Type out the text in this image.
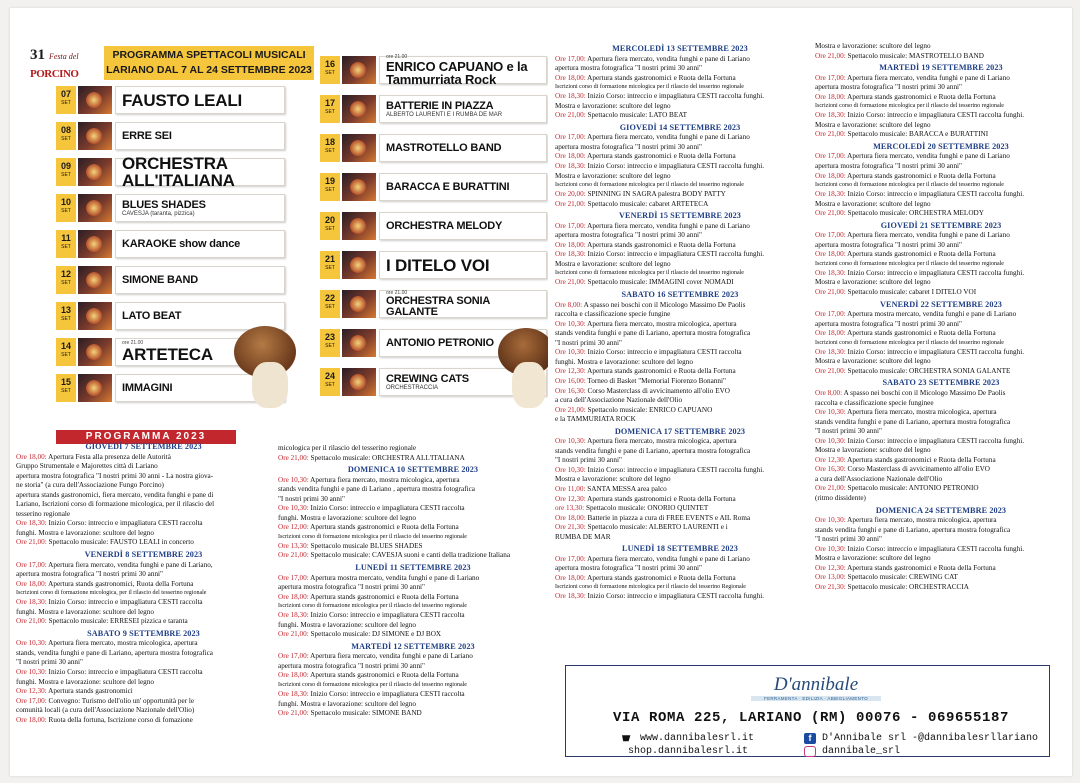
31 Festa del
PORCINO
PROGRAMMA SPETTACOLI MUSICALI
LARIANO DAL 7 AL 24 SETTEMBRE 2023
07
SET	FAUSTO LEALI
08
SET	ERRE SEI
09
SET
ORCHESTRA ALL'ITALIANA
10
SET
BLUES SHADES
CAVESJA (taranta, pizzica)
11
SET	KARAOKE show dance
12
SET	SIMONE BAND
13
SET	LATO BEAT
14
SET
ore 21.00
ARTETECA
15
SET	IMMAGINI
16
SET
ore 21.00
ENRICO CAPUANO e la Tammurriata Rock
17
SET
BATTERIE IN PIAZZA
ALBERTO LAURENTI E I RUMBA DE MAR
18
SET	MASTROTELLO BAND
19
SET	BARACCA E BURATTINI
20
SET	ORCHESTRA MELODY
21
SET	I DITELO VOI
22
SET
ore 21.00
ORCHESTRA SONIA GALANTE
23
SET	ANTONIO PETRONIO
24
SET
CREWING CATS
ORCHESTRACCIA
PROGRAMMA 2023
GIOVEDÌ 7 SETTEMBRE 2023

Ore 18,00: Apertura Festa alla presenza delle Autorità

Gruppo Strumentale e Majorettes città di Lariano

apertura mostra fotografica "I nostri primi 30 anni - La nostra giova-

ne storia" (a cura dell'Associazione Fungo Porcino)

apertura stands gastronomici, fiera mercato, vendita funghi e pane di

Lariano, Iscrizioni corso di formazione micologica, per il rilascio del

tesserino regionale

Ore 18,30: Inizio Corso: intreccio e impagliatura CESTI raccolta

funghi. Mostra e lavorazione: scultore del legno

Ore 21,00: Spettacolo musicale: FAUSTO LEALI in concerto

VENERDÌ 8 SETTEMBRE 2023

Ore 17,00: Apertura fiera mercato, vendita funghi e pane di Lariano,

apertura mostra fotografica "I nostri primi 30 anni"

Ore 18,00: Apertura stands gastronomici, Ruota della Fortuna

Iscrizioni corso di formazione micologica, per il rilascio del tesserino regionale

Ore 18,30: Inizio Corso: intreccio e impagliatura CESTI raccolta

funghi. Mostra e lavorazione: scultore del legno

Ore 21,00: Spettacolo musicale: ERRESEI pizzica e taranta

SABATO 9 SETTEMBRE 2023

Ore 10,30: Apertura fiera mercato, mostra micologica, apertura

stands, vendita funghi e pane di Lariano, apertura mostra fotografica

"I nostri primi 30 anni"

Ore 10,30: Inizio Corso: intreccio e impagliatura CESTI raccolta

funghi. Mostra e lavorazione: scultore del legno

Ore 12,30: Apertura stands gastronomici

Ore 17,00: Convegno: Turismo dell'olio un' opportunità per le

comunità locali (a cura dell'Associazione Nazionale dell'Olio)

Ore 18,00: Ruota della fortuna, Iscrizione corso di fomazione

micologica per il rilascio del tesserino regionale

Ore 21,00: Spettacolo musicale: ORCHESTRA ALL'ITALIANA

DOMENICA 10 SETTEMBRE 2023

Ore 10,30: Apertura fiera mercato, mostra micologica, apertura

stands vendita funghi e pane di Lariano , apertura mostra fotografica

"I nostri primi 30 anni"

Ore 10,30: Inizio Corso: intreccio e impagliatura CESTI raccolta

funghi. Mostra e lavorazione: scultore del legno

Ore 12,00: Apertura stands gastronomici e Ruota della Fortuna

Iscrizioni corso di formazione micologica per il rilascio del tesserino regionale

Ore 13,30: Spettacolo musicale BLUES SHADES

Ore 21,00: Spettacolo musicale: CAVESJA suoni e canti della tradizione Italiana

LUNEDÌ 11 SETTEMBRE 2023

Ore 17,00: Apertura mostra mercato, vendita funghi e pane di Lariano

apertura mostra fotografica "I nostri primi 30 anni"

Ore 18,00: Apertura stands gastronomici e Ruota della Fortuna

Iscrizioni corso di formazione micologica per il rilascio del tesserino regionale

Ore 18,30: Inizio Corso: intreccio e impagliatura CESTI raccolta

funghi. Mostra e lavorazione: scultore del legno

Ore 21,00: Spettacolo musicale: DJ SIMONE e DJ BOX

MARTEDÌ 12 SETTEMBRE 2023

Ore 17,00: Apertura fiera mercato, vendita funghi e pane di Lariano

apertura mostra fotografica "I nostri primi 30 anni"

Ore 18,00: Apertura stands gastronomici e Ruota della Fortuna

Iscrizioni corso di formazione micologica per il rilascio del tesserino regionale

Ore 18,30: Inizio Corso: intreccio e impagliatura CESTI raccolta

funghi. Mostra e lavorazione: scultore del legno

Ore 21,00: Spettacolo musicale: SIMONE BAND

MERCOLEDÌ 13 SETTEMBRE 2023

Ore 17,00: Apertura fiera mercato, vendita funghi e pane di Lariano

apertura mostra fotografica "I nostri primi 30 anni"

Ore 18,00: Apertura stands gastronomici e Ruota della Fortuna

Iscrizioni corso di formazione micologica per il rilascio del tesserino regionale

Ore 18,30: Inizio Corso: intreccio e impagliatura CESTI raccolta funghi.

Mostra e lavorazione: scultore del legno

Ore 21,00: Spettacolo musicale: LATO BEAT

GIOVEDÌ 14 SETTEMBRE 2023

Ore 17,00: Apertura fiera mercato, vendita funghi e pane di Lariano

apertura mostra fotografica "I nostri primi 30 anni"

Ore 18,00: Apertura stands gastronomici e Ruota della Fortuna

Ore 18,30: Inizio Corso: intreccio e impagliatura CESTI raccolta funghi.

Mostra e lavorazione: scultore del legno

Iscrizioni corso di formazione micologica per il rilascio del tesserino regionale

Ore 20,00: SPINNING IN SAGRA palestra BODY PATTY

Ore 21,00: Spettacolo musicale: cabaret ARTETECA

VENERDÌ 15 SETTEMBRE 2023

Ore 17,00: Apertura fiera mercato, vendita funghi e pane di Lariano

apertura mostra fotografica "I nostri primi 30 anni"

Ore 18,00: Apertura stands gastronomici e Ruota della Fortuna

Ore 18,30: Inizio Corso: intreccio e impagliatura CESTI raccolta funghi.

Mostra e lavorazione: scultore del legno

Iscrizioni corso di formazione micologica per il rilascio del tesserino regionale

Ore 21,00: Spettacolo musicale: IMMAGINI cover NOMADI

SABATO 16 SETTEMBRE 2023

Ore 8,00: A spasso nei boschi con il Micologo Massimo De Paolis

raccolta e classificazione specie fungine

Ore 10,30: Apertura fiera mercato, mostra micologica, apertura

stands vendita funghi e pane di Lariano, apertura mostra fotografica

"I nostri primi 30 anni"

Ore 10,30: Inizio Corso: intreccio e impagliatura CESTI raccolta

funghi. Mostra e lavorazione: scultore del legno

Ore 12,30: Apertura stands gastronomici e Ruota della Fortuna

Ore 16,00: Torneo di Basket "Memorial Fiorenzo Bonanni"

Ore 16,30: Corso Masterclass di avvicinamento all'olio EVO

a cura dell'Associazione Nazionale dell'Olio

Ore 21,00: Spettacolo musicale: ENRICO CAPUANO

e la TAMMURIATA ROCK

DOMENICA 17 SETTEMBRE 2023

Ore 10,30: Apertura fiera mercato, mostra micologica, apertura

stands vendita funghi e pane di Lariano, apertura mostra fotografica

"I nostri primi 30 anni"

Ore 10,30: Inizio Corso: intreccio e impagliatura CESTI raccolta funghi.

Mostra e lavorazione: scultore del legno

Ore 11,00: SANTA MESSA area palco

Ore 12,30: Apertura stands gastronomici e Ruota della Fortuna

ore 13,30: Spettacolo musicale: ONORIO QUINTET

Ore 18,00: Batterie in piazza a cura di FREE EVENTS e AIL Roma

Ore 21,30: Spettacolo musicale: ALBERTO LAURENTI e i

RUMBA DE MAR

LUNEDÌ 18 SETTEMBRE 2023

Ore 17,00: Apertura fiera mercato, vendita funghi e pane di Lariano

apertura mostra fotografica "I nostri primi 30 anni"

Ore 18,00: Apertura stands gastronomici e Ruota della Fortuna

Iscrizioni corso di formazione micologica per il rilascio del tesserino Regionale

Ore 18,30: Inizio Corso: intreccio e impagliatura CESTI raccolta funghi.

Mostra e lavorazione: scultore del legno

Ore 21,00: Spettacolo musicale: MASTROTELLO BAND

MARTEDÌ 19 SETTEMBRE 2023

Ore 17,00: Apertura fiera mercato, vendita funghi e pane di Lariano

apertura mostra fotografica "I nostri primi 30 anni"

Ore 18,00: Apertura stands gastronomici e Ruota della Fortuna

Iscrizioni corso di formazione micologica per il rilascio del tesserino regionale

Ore 18,30: Inizio Corso: intreccio e impagliatura CESTI raccolta funghi.

Mostra e lavorazione: scultore del legno

Ore 21,00: Spettacolo musicale: BARACCA e BURATTINI

MERCOLEDÌ 20 SETTEMBRE 2023

Ore 17,00: Apertura fiera mercato, vendita funghi e pane di Lariano

apertura mostra fotografica "I nostri primi 30 anni"

Ore 18,00: Apertura stands gastronomici e Ruota della Fortuna

Iscrizioni corso di formazione micologica per il rilascio del tesserino regionale

Ore 18,30: Inizio Corso: intreccio e impagliatura CESTI raccolta funghi.

Mostra e lavorazione: scultore del legno

Ore 21,00: Spettacolo musicale: ORCHESTRA MELODY

GIOVEDÌ 21 SETTEMBRE 2023

Ore 17,00: Apertura fiera mercato, vendita funghi e pane di Lariano

apertura mostra fotografica "I nostri primi 30 anni"

Ore 18,00: Apertura stands gastronomici e Ruota della Fortuna

Iscrizioni corso di formazione micologica per il rilascio del tesserino regionale

Ore 18,30: Inizio Corso: intreccio e impagliatura CESTI raccolta funghi.

Mostra e lavorazione: scultore del legno

Ore 21,00: Spettacolo musicale: cabaret I DITELO VOI

VENERDÌ 22 SETTEMBRE 2023

Ore 17,00: Apertura mostra mercato, vendita funghi e pane di Lariano

apertura mostra fotografica "I nostri primi 30 anni"

Ore 18,00: Apertura stands gastronomici e Ruota della Fortuna

Iscrizioni corso di formazione micologica per il rilascio del tesserino regionale

Ore 18,30: Inizio Corso: intreccio e impagliatura CESTI raccolta funghi.

Mostra e lavorazione: scultore del legno

Ore 21,00: Spettacolo musicale: ORCHESTRA SONIA GALANTE

SABATO 23 SETTEMBRE 2023

Ore 8,00: A spasso nei boschi con il Micologo Massimo De Paolis

raccolta e classificazione specie funginee

Ore 10,30: Apertura fiera mercato, mostra micologica, apertura

stands vendita funghi e pane di Lariano, apertura mostra fotografica

"I nostri primi 30 anni"

Ore 10,30: Inizio Corso: intreccio e impagliatura CESTI raccolta funghi.

Mostra e lavorazione: scultore del legno

Ore 12,30: Apertura stands gastronomici e Ruota della Fortuna

Ore 16,30: Corso Masterclass di avvicinamento all'olio EVO

a cura dell'Associazione Nazionale dell'Olio

Ore 21,00: Spettacolo musicale: ANTONIO PETRONIO

(ritmo dissidente)

DOMENICA 24 SETTEMBRE 2023

Ore 10,30: Apertura fiera mercato, mostra micologica, apertura

stands vendita funghi e pane di Lariano, apertura mostra fotografica

"I nostri primi 30 anni"

Ore 10,30: Inizio Corso: intreccio e impagliatura CESTI raccolta funghi.

Mostra e lavorazione: scultore del legno

Ore 12,30: Apertura stands gastronomici e Ruota della Fortuna

Ore 13,00: Spettacolo musicale: CREWING CAT

Ore 21,30: Spettacolo musicale: ORCHESTRACCIA

D'annibale
FERRAMENTA · EDILIZIA · ABBIGLIAMENTO
VIA ROMA 225, LARIANO (RM) 00076 - 069655187
www.dannibalesrl.it
shop.dannibalesrl.it
f	D'Annibale srl -@dannibalesrllariano
dannibale_srl
